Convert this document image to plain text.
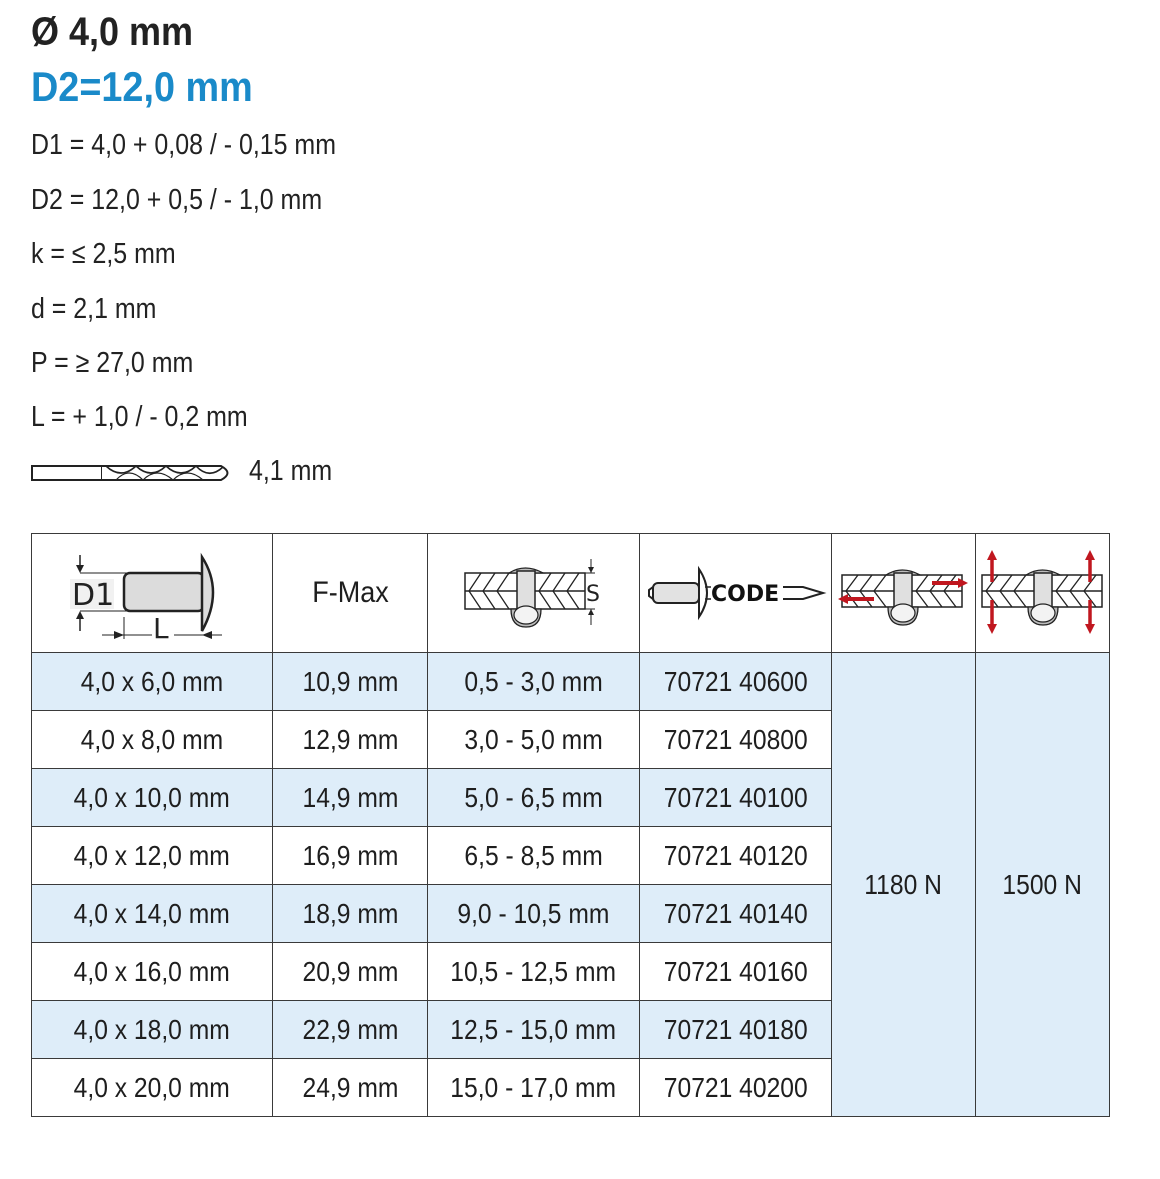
Ø 4,0 mm
D2=12,0 mm
D1 = 4,0 + 0,08 / - 0,15 mm
D2 = 12,0 + 0,5 / - 1,0 mm
k = ≤ 2,5 mm
d = 2,1 mm
P = ≥ 27,0 mm
L = + 1,0 / - 0,2 mm
4,1 mm
D1
L	F-Max	S	CODE

4,0 x 6,0 mm	10,9 mm	0,5 - 3,0 mm	70721 40600	1180 N	1500 N
4,0 x 8,0 mm	12,9 mm	3,0 - 5,0 mm	70721 40800		
4,0 x 10,0 mm	14,9 mm	5,0 - 6,5 mm	70721 40100		
4,0 x 12,0 mm	16,9 mm	6,5 - 8,5 mm	70721 40120		
4,0 x 14,0 mm	18,9 mm	9,0 - 10,5 mm	70721 40140		
4,0 x 16,0 mm	20,9 mm	10,5 - 12,5 mm	70721 40160		
4,0 x 18,0 mm	22,9 mm	12,5 - 15,0 mm	70721 40180		
4,0 x 20,0 mm	24,9 mm	15,0 - 17,0 mm	70721 40200		
